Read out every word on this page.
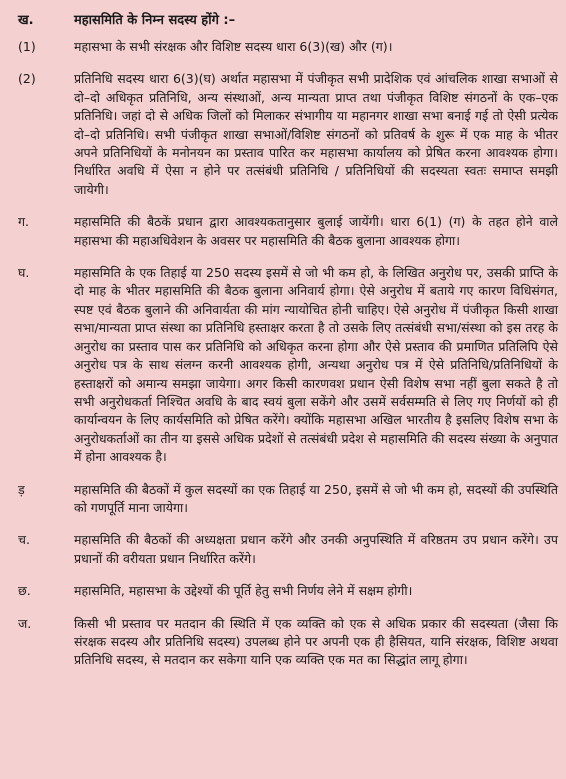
ख.	महासमिति के निम्न सदस्य होंगे :–
(1)	महासभा के सभी संरक्षक और विशिष्ट सदस्य धारा 6(3)(ख) और (ग)।
(2)	प्रतिनिधि सदस्य धारा 6(3)(घ) अर्थात महासभा में पंजीकृत सभी प्रादेशिक एवं आंचलिक शाखा सभाओं से दो–दो अधिकृत प्रतिनिधि, अन्य संस्थाओं, अन्य मान्यता प्राप्त तथा पंजीकृत विशिष्ट संगठनों के एक–एक प्रतिनिधि। जहां दो से अधिक जिलों को मिलाकर संभागीय या महानगर शाखा सभा बनाई गई तो ऐसी प्रत्येक दो–दो प्रतिनिधि। सभी पंजीकृत शाखा सभाओं/विशिष्ट संगठनों को प्रतिवर्ष के शुरू में एक माह के भीतर अपने प्रतिनिधियों के मनोनयन का प्रस्ताव पारित कर महासभा कार्यालय को प्रेषित करना आवश्यक होगा। निर्धारित अवधि में ऐसा न होने पर तत्संबंधी प्रतिनिधि / प्रतिनिधियों की सदस्यता स्वतः समाप्त समझी जायेगी।
ग.	महासमिति की बैठकें प्रधान द्वारा आवश्यकतानुसार बुलाई जायेंगी। धारा 6(1) (ग) के तहत होने वाले महासभा की महाअधिवेशन के अवसर पर महासमिति की बैठक बुलाना आवश्यक होगा।
घ.	महासमिति के एक तिहाई या 250 सदस्य इसमें से जो भी कम हो, के लिखित अनुरोध पर, उसकी प्राप्ति के दो माह के भीतर महासमिति की बैठक बुलाना अनिवार्य होगा। ऐसे अनुरोध में बताये गए कारण विधिसंगत, स्पष्ट एवं बैठक बुलाने की अनिवार्यता की मांग न्यायोचित होनी चाहिए। ऐसे अनुरोध में पंजीकृत किसी शाखा सभा/मान्यता प्राप्त संस्था का प्रतिनिधि हस्ताक्षर करता है तो उसके लिए तत्संबंधी सभा/संस्था को इस तरह के अनुरोध का प्रस्ताव पास कर प्रतिनिधि को अधिकृत करना होगा और ऐसे प्रस्ताव की प्रमाणित प्रतिलिपि ऐसे अनुरोध पत्र के साथ संलग्न करनी आवश्यक होगी, अन्यथा अनुरोध पत्र में ऐसे प्रतिनिधि/प्रतिनिधियों के हस्ताक्षरों को अमान्य समझा जायेगा। अगर किसी कारणवश प्रधान ऐसी विशेष सभा नहीं बुला सकते है तो सभी अनुरोधकर्ता निश्चित अवधि के बाद स्वयं बुला सकेंगे और उसमें सर्वसम्मति से लिए गए निर्णयों को ही कार्यान्वयन के लिए कार्यसमिति को प्रेषित करेंगे। क्योंकि महासभा अखिल भारतीय है इसलिए विशेष सभा के अनुरोधकर्ताओं का तीन या इससे अधिक प्रदेशों से तत्संबंधी प्रदेश से महासमिति की सदस्य संख्या के अनुपात में होना आवश्यक है।
ड़	महासमिति की बैठकों में कुल सदस्यों का एक तिहाई या 250, इसमें से जो भी कम हो, सदस्यों की उपस्थिति को गणपूर्ति माना जायेगा।
च.	महासमिति की बैठकों की अध्यक्षता प्रधान करेंगे और उनकी अनुपस्थिति में वरिष्ठतम उप प्रधान करेंगे। उप प्रधानों की वरीयता प्रधान निर्धारित करेंगे।
छ.	महासमिति, महासभा के उद्देश्यों की पूर्ति हेतु सभी निर्णय लेने में सक्षम होगी।
ज.	किसी भी प्रस्ताव पर मतदान की स्थिति में एक व्यक्ति को एक से अधिक प्रकार की सदस्यता (जैसा कि संरक्षक सदस्य और प्रतिनिधि सदस्य) उपलब्ध होने पर अपनी एक ही हैसियत, यानि संरक्षक, विशिष्ट अथवा प्रतिनिधि सदस्य, से मतदान कर सकेगा यानि एक व्यक्ति एक मत का सिद्धांत लागू होगा।
